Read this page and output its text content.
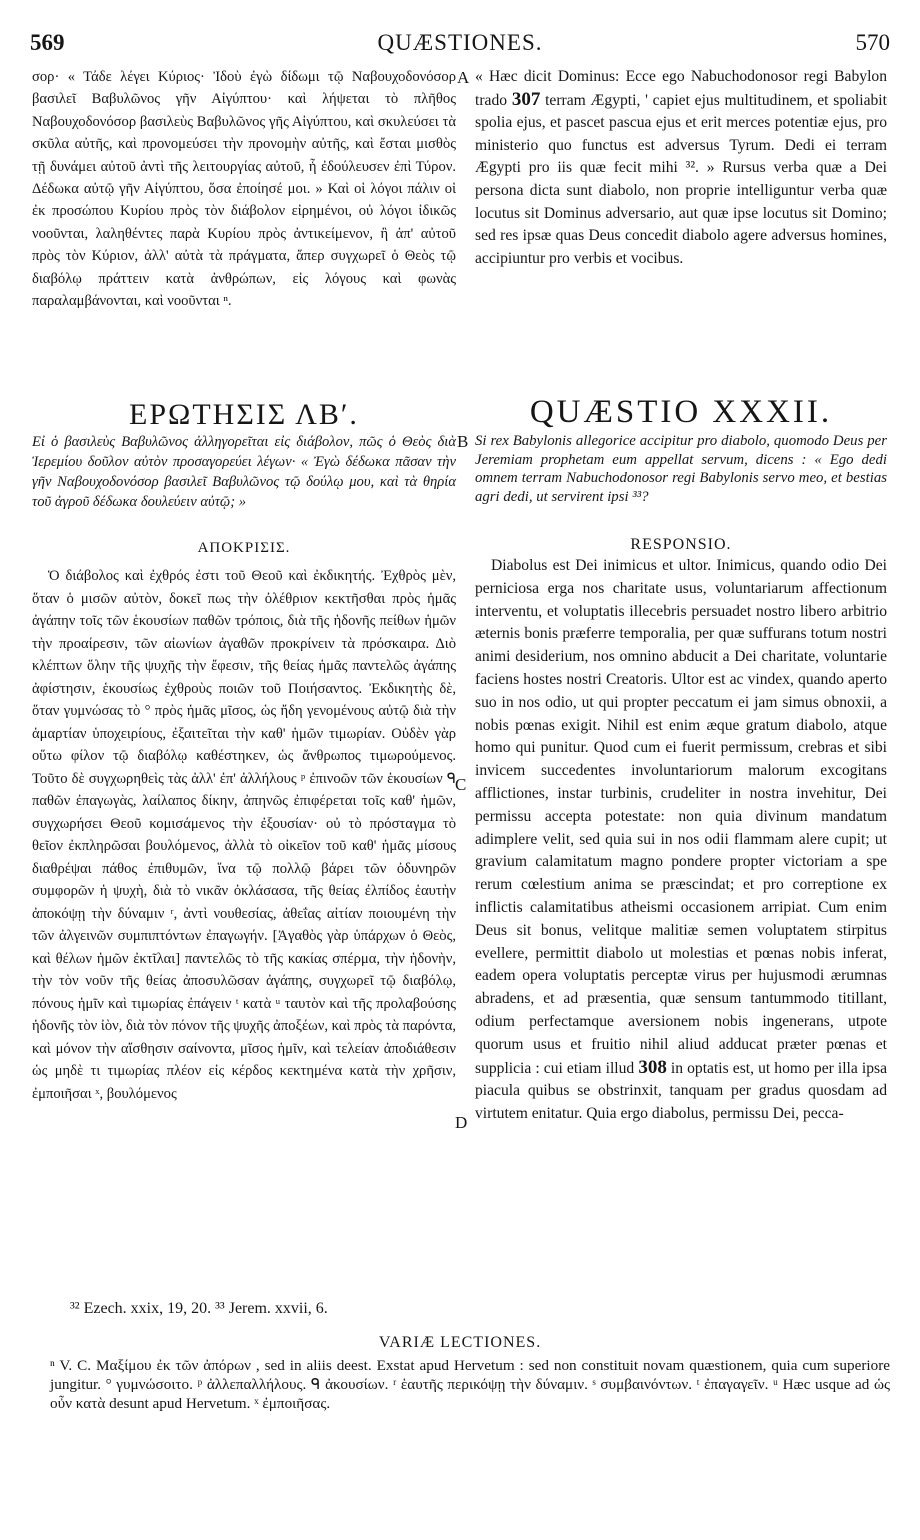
569	QUÆSTIONES.	570

σορ· « Τάδε λέγει Κύριος· Ἰδοὺ ἐγὼ δίδωμι τῷ Ναβουχοδονόσορ βασιλεῖ Βαβυλῶνος γῆν Αἰγύπτου· καὶ λήψεται τὸ πλῆθος Ναβουχοδονόσορ βασιλεὺς Βαβυλῶνος γῆς Αἰγύπτου, καὶ σκυλεύσει τὰ σκῦλα αὐτῆς, καὶ προνομεύσει τὴν προνομὴν αὐτῆς, καὶ ἔσται μισθὸς τῇ δυνάμει αὐτοῦ ἀντὶ τῆς λειτουργίας αὐτοῦ, ἧ ἐδούλευσεν ἐπὶ Τύρον. Δέδωκα αὐτῷ γῆν Αἰγύπτου, ὅσα ἐποίησέ μοι. » Καὶ οἱ λόγοι πάλιν οἱ ἐκ προσώπου Κυρίου πρὸς τὸν διάβολον εἰρημένοι, οὐ λόγοι ἰδικῶς νοοῦνται, λαληθέντες παρὰ Κυρίου πρὸς ἀντικείμενον, ἢ ἀπ' αὐτοῦ πρὸς τὸν Κύριον, ἀλλ' αὐτὰ τὰ πράγματα, ἅπερ συγχωρεῖ ὁ Θεὸς τῷ διαβόλῳ πράττειν κατὰ ἀνθρώπων, εἰς λόγους καὶ φωνὰς παραλαμβάνονται, καὶ νοοῦνται ⁿ.

« Hæc dicit Dominus: Ecce ego Nabuchodonosor regi Babylon trado 307 terram Ægypti, ' capiet ejus multitudinem, et spoliabit spolia ejus, et pascet pascua ejus et erit merces potentiæ ejus, pro ministerio quo functus est adversus Tyrum. Dedi ei terram Ægypti pro iis quæ fecit mihi ³². » Rursus verba quæ a Dei persona dicta sunt diabolo, non proprie intelliguntur verba quæ locutus sit Dominus adversario, aut quæ ipse locutus sit Domino; sed res ipsæ quas Deus concedit diabolo agere adversus homines, accipiuntur pro verbis et vocibus.

A
B
C
D
ΕΡΩΤΗΣΙΣ ΛΒʹ.	QUÆSTIO XXXII.
Εἰ ὁ βασιλεὺς Βαβυλῶνος ἀλληγορεῖται εἰς διάβολον, πῶς ὁ Θεὸς διὰ Ἱερεμίου δοῦλον αὐτὸν προσαγορεύει λέγων· « Ἐγὼ δέδωκα πᾶσαν τὴν γῆν Ναβουχοδονόσορ βασιλεῖ Βαβυλῶνος τῷ δούλῳ μου, καὶ τὰ θηρία τοῦ ἀγροῦ δέδωκα δουλεύειν αὐτῷ; »
Si rex Babylonis allegorice accipitur pro diabolo, quomodo Deus per Jeremiam prophetam eum appellat servum, dicens : « Ego dedi omnem terram Nabuchodonosor regi Babylonis servo meo, et bestias agri dedi, ut servirent ipsi ³³?
ΑΠΟΚΡΙΣΙΣ.	RESPONSIO.

Ὁ διάβολος καὶ ἐχθρός ἐστι τοῦ Θεοῦ καὶ ἐκδικητής. Ἐχθρὸς μὲν, ὅταν ὁ μισῶν αὐτὸν, δοκεῖ πως τὴν ὀλέθριον κεκτῆσθαι πρὸς ἡμᾶς ἀγάπην τοῖς τῶν ἑκουσίων παθῶν τρόποις, διὰ τῆς ἡδονῆς πείθων ἡμῶν τὴν προαίρεσιν, τῶν αἰωνίων ἀγαθῶν προκρίνειν τὰ πρόσκαιρα. Διὸ κλέπτων ὅλην τῆς ψυχῆς τὴν ἔφεσιν, τῆς θείας ἡμᾶς παντελῶς ἀγάπης ἀφίστησιν, ἑκουσίως ἐχθροὺς ποιῶν τοῦ Ποιήσαντος. Ἐκδικητὴς δὲ, ὅταν γυμνώσας τὸ ° πρὸς ἡμᾶς μῖσος, ὡς ἤδη γενομένους αὐτῷ διὰ τὴν ἁμαρτίαν ὑποχειρίους, ἐξαιτεῖται τὴν καθ' ἡμῶν τιμωρίαν. Οὐδὲν γὰρ οὕτω φίλον τῷ διαβόλῳ καθέστηκεν, ὡς ἄνθρωπος τιμωρούμενος. Τοῦτο δὲ συγχωρηθεὶς τὰς ἀλλ' ἐπ' ἀλλήλους ᵖ ἐπινοῶν τῶν ἑκουσίων ᑫ παθῶν ἐπαγωγὰς, λαίλαπος δίκην, ἀπηνῶς ἐπιφέρεται τοῖς καθ' ἡμῶν, συγχωρήσει Θεοῦ κομισάμενος τὴν ἐξουσίαν· οὐ τὸ πρόσταγμα τὸ θεῖον ἐκπληρῶσαι βουλόμενος, ἀλλὰ τὸ οἰκεῖον τοῦ καθ' ἡμᾶς μίσους διαθρέψαι πάθος ἐπιθυμῶν, ἵνα τῷ πολλῷ βάρει τῶν ὀδυνηρῶν συμφορῶν ἡ ψυχὴ, διὰ τὸ νικᾶν ὀκλάσασα, τῆς θείας ἐλπίδος ἑαυτὴν ἀποκόψῃ τὴν δύναμιν ʳ, ἀντὶ νουθεσίας, ἀθεΐας αἰτίαν ποιουμένη τὴν τῶν ἀλγεινῶν συμπιπτόντων ἐπαγωγήν. [Ἀγαθὸς γὰρ ὑπάρχων ὁ Θεὸς, καὶ θέλων ἡμῶν ἐκτῖλαι] παντελῶς τὸ τῆς κακίας σπέρμα, τὴν ἡδονὴν, τὴν τὸν νοῦν τῆς θείας ἀποσυλῶσαν ἀγάπης, συγχωρεῖ τῷ διαβόλῳ, πόνους ἡμῖν καὶ τιμωρίας ἐπάγειν ᵗ κατὰ ᵘ ταυτὸν καὶ τῆς προλαβούσης ἡδονῆς τὸν ἰὸν, διὰ τὸν πόνον τῆς ψυχῆς ἀποξέων, καὶ πρὸς τὰ παρόντα, καὶ μόνον τὴν αἴσθησιν σαίνοντα, μῖσος ἡμῖν, καὶ τελείαν ἀποδιάθεσιν ὡς μηδὲ τι τιμωρίας πλέον εἰς κέρδος κεκτημένα κατὰ τὴν χρῆσιν, ἐμποιῆσαι ˣ, βουλόμενος

Diabolus est Dei inimicus et ultor. Inimicus, quando odio Dei perniciosa erga nos charitate usus, voluntariarum affectionum interventu, et voluptatis illecebris persuadet nostro libero arbitrio æternis bonis præferre temporalia, per quæ suffurans totum nostri animi desiderium, nos omnino abducit a Dei charitate, voluntarie faciens hostes nostri Creatoris. Ultor est ac vindex, quando aperto suo in nos odio, ut qui propter peccatum ei jam simus obnoxii, a nobis pœnas exigit. Nihil est enim æque gratum diabolo, atque homo qui punitur. Quod cum ei fuerit permissum, crebras et sibi invicem succedentes involuntariorum malorum excogitans afflictiones, instar turbinis, crudeliter in nostra invehitur, Dei permissu accepta potestate: non quia divinum mandatum adimplere velit, sed quia sui in nos odii flammam alere cupit; ut gravium calamitatum magno pondere propter victoriam a spe rerum cœlestium anima se præscindat; et pro correptione ex inflictis calamitatibus atheismi occasionem arripiat. Cum enim Deus sit bonus, velitque malitiæ semen voluptatem stirpitus evellere, permittit diabolo ut molestias et pœnas nobis inferat, eadem opera voluptatis perceptæ virus per hujusmodi ærumnas abradens, et ad præsentia, quæ sensum tantummodo titillant, odium perfectamque aversionem nobis ingenerans, utpote quorum usus et fruitio nihil aliud adducat præter pœnas et supplicia : cui etiam illud 308 in optatis est, ut homo per illa ipsa piacula quibus se obstrinxit, tanquam per gradus quosdam ad virtutem enitatur. Quia ergo diabolus, permissu Dei, pecca-

³² Ezech. xxix, 19, 20. ³³ Jerem. xxvii, 6.
VARIÆ LECTIONES.
ⁿ V. C. Μαξίμου ἐκ τῶν ἀπόρων , sed in aliis deest. Exstat apud Hervetum : sed non constituit novam quæstionem, quia cum superiore jungitur. ° γυμνώσοιτο. ᵖ ἀλλεπαλλήλους. ᑫ ἀκουσίων. ʳ ἑαυτῆς περικόψῃ τὴν δύναμιν. ˢ συμβαινόντων. ᵗ ἐπαγαγεῖν. ᵘ Hæc usque ad ὡς οὖν κατὰ desunt apud Hervetum. ˣ ἐμποιῆσας.
